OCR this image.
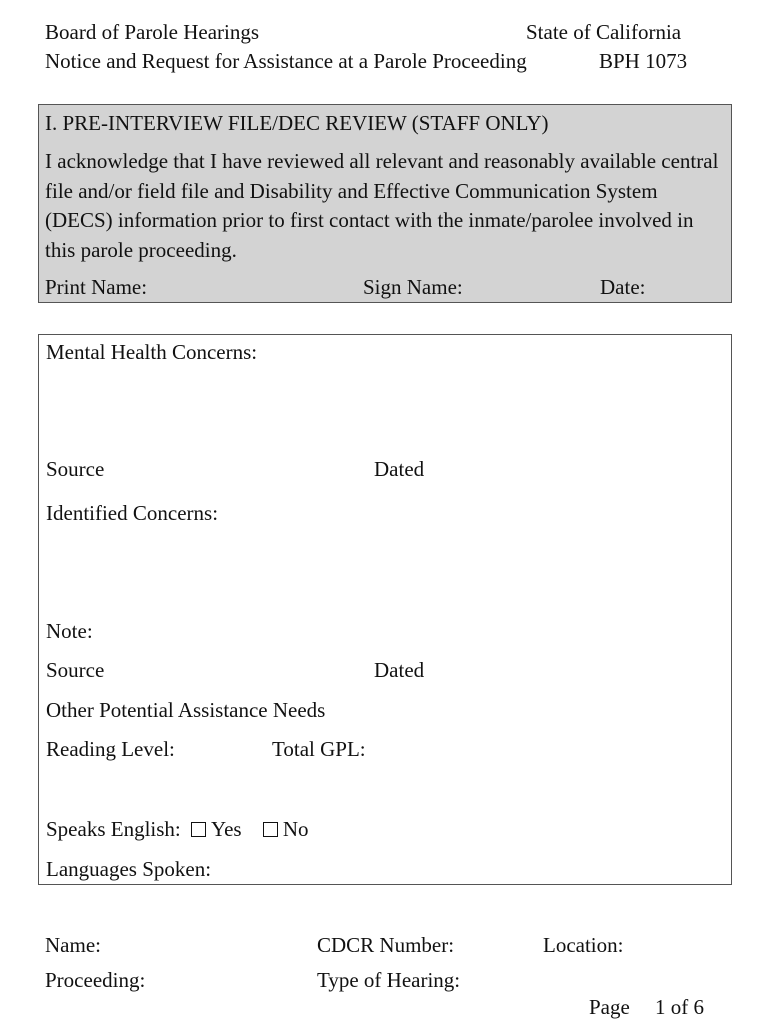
Board of Parole Hearings	State of California
Notice and Request for Assistance at a Parole Proceeding	BPH 1073
I. PRE-INTERVIEW FILE/DEC REVIEW (STAFF ONLY)
I acknowledge that I have reviewed all relevant and reasonably available central file and/or field file and Disability and Effective Communication System (DECS) information prior to first contact with the inmate/parolee involved in this parole proceeding.
Print Name:	Sign Name:	Date:
Mental Health Concerns:
Source	Dated
Identified Concerns:
Note:
Source	Dated
Other Potential Assistance Needs
Reading Level:	Total GPL:
Speaks English: Yes No
Languages Spoken:
Name:	CDCR Number:	Location:
Proceeding:	Type of Hearing:
Page 1 of 6
